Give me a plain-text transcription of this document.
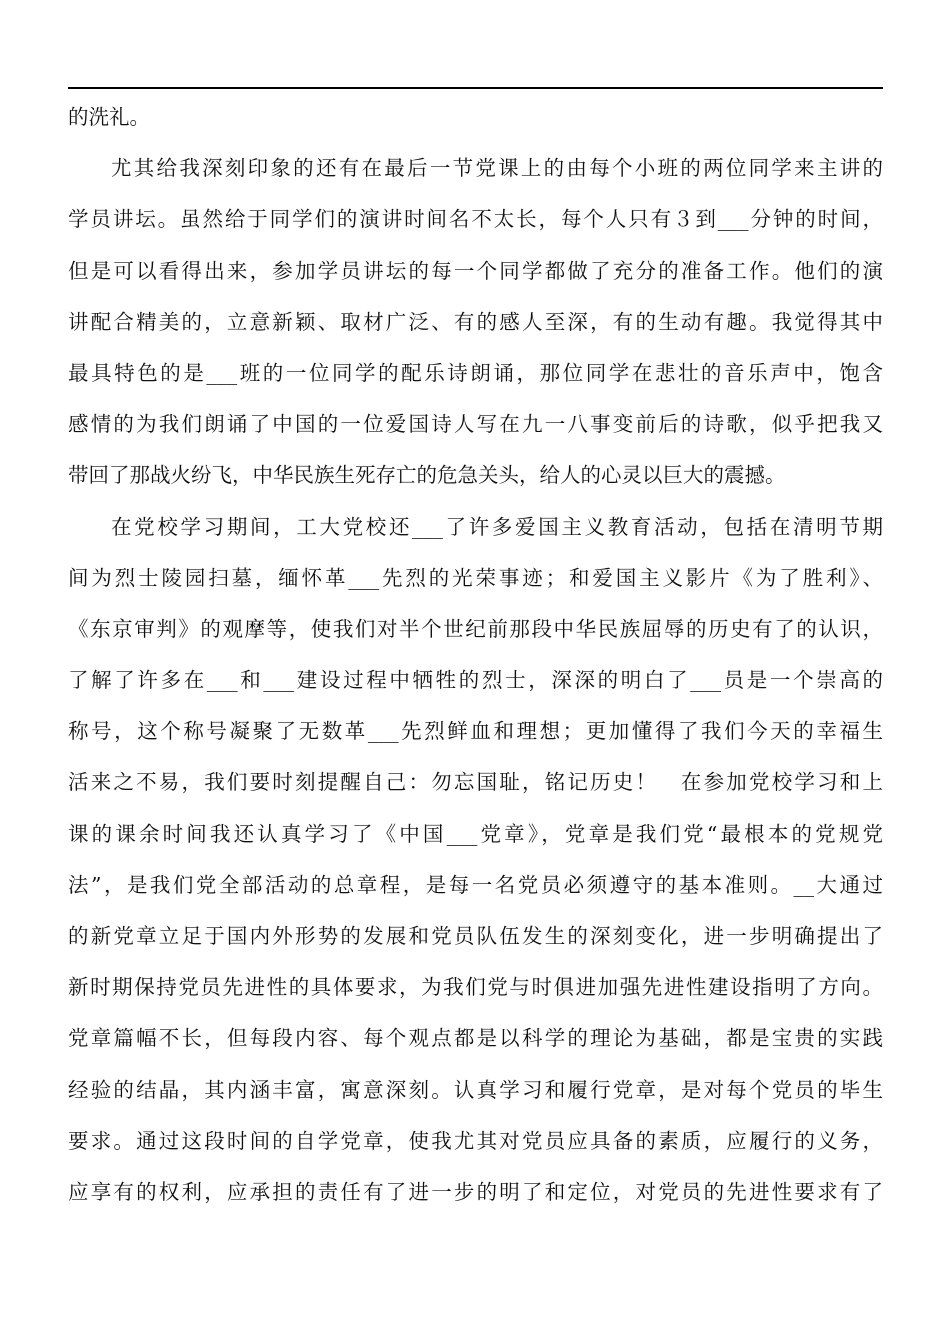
的洗礼。
尤其给我深刻印象的还有在最后一节党课上的由每个小班的两位同学来主讲的
学员讲坛。虽然给于同学们的演讲时间名不太长，每个人只有３到___分钟的时间，
但是可以看得出来，参加学员讲坛的每一个同学都做了充分的准备工作。他们的演
讲配合精美的，立意新颖、取材广泛、有的感人至深，有的生动有趣。我觉得其中
最具特色的是___班的一位同学的配乐诗朗诵，那位同学在悲壮的音乐声中，饱含
感情的为我们朗诵了中国的一位爱国诗人写在九一八事变前后的诗歌，似乎把我又
带回了那战火纷飞，中华民族生死存亡的危急关头，给人的心灵以巨大的震撼。
在党校学习期间，工大党校还___了许多爱国主义教育活动，包括在清明节期
间为烈士陵园扫墓，缅怀革___先烈的光荣事迹；和爱国主义影片《为了胜利》、
《东京审判》的观摩等，使我们对半个世纪前那段中华民族屈辱的历史有了的认识，
了解了许多在___和___建设过程中牺牲的烈士，深深的明白了___员是一个崇高的
称号，这个称号凝聚了无数革___先烈鲜血和理想；更加懂得了我们今天的幸福生
活来之不易，我们要时刻提醒自己：勿忘国耻，铭记历史！　在参加党校学习和上
课的课余时间我还认真学习了《中国___党章》，党章是我们党“最根本的党规党
法”，是我们党全部活动的总章程，是每一名党员必须遵守的基本准则。__大通过
的新党章立足于国内外形势的发展和党员队伍发生的深刻变化，进一步明确提出了
新时期保持党员先进性的具体要求，为我们党与时俱进加强先进性建设指明了方向。
党章篇幅不长，但每段内容、每个观点都是以科学的理论为基础，都是宝贵的实践
经验的结晶，其内涵丰富，寓意深刻。认真学习和履行党章，是对每个党员的毕生
要求。通过这段时间的自学党章，使我尤其对党员应具备的素质，应履行的义务，
应享有的权利，应承担的责任有了进一步的明了和定位，对党员的先进性要求有了
